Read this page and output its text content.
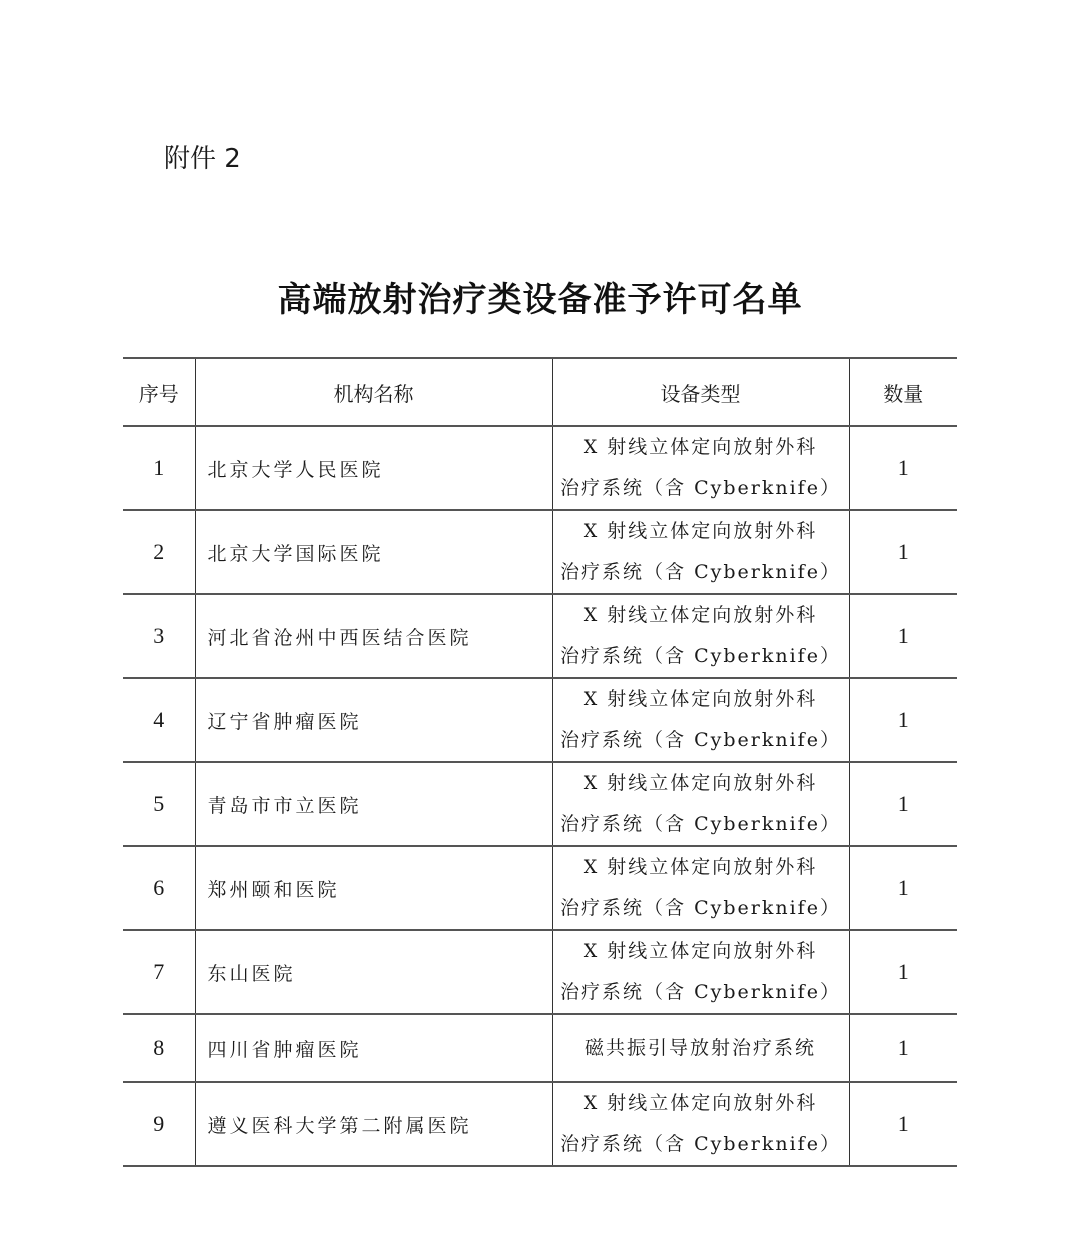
附件 2
高端放射治疗类设备准予许可名单
序号	机构名称	设备类型	数量
1	北京大学人民医院	X 射线立体定向放射外科
治疗系统（含 Cyberknife）	1
2	北京大学国际医院	X 射线立体定向放射外科
治疗系统（含 Cyberknife）	1
3	河北省沧州中西医结合医院	X 射线立体定向放射外科
治疗系统（含 Cyberknife）	1
4	辽宁省肿瘤医院	X 射线立体定向放射外科
治疗系统（含 Cyberknife）	1
5	青岛市市立医院	X 射线立体定向放射外科
治疗系统（含 Cyberknife）	1
6	郑州颐和医院	X 射线立体定向放射外科
治疗系统（含 Cyberknife）	1
7	东山医院	X 射线立体定向放射外科
治疗系统（含 Cyberknife）	1
8	四川省肿瘤医院	磁共振引导放射治疗系统	1
9	遵义医科大学第二附属医院	X 射线立体定向放射外科
治疗系统（含 Cyberknife）	1
